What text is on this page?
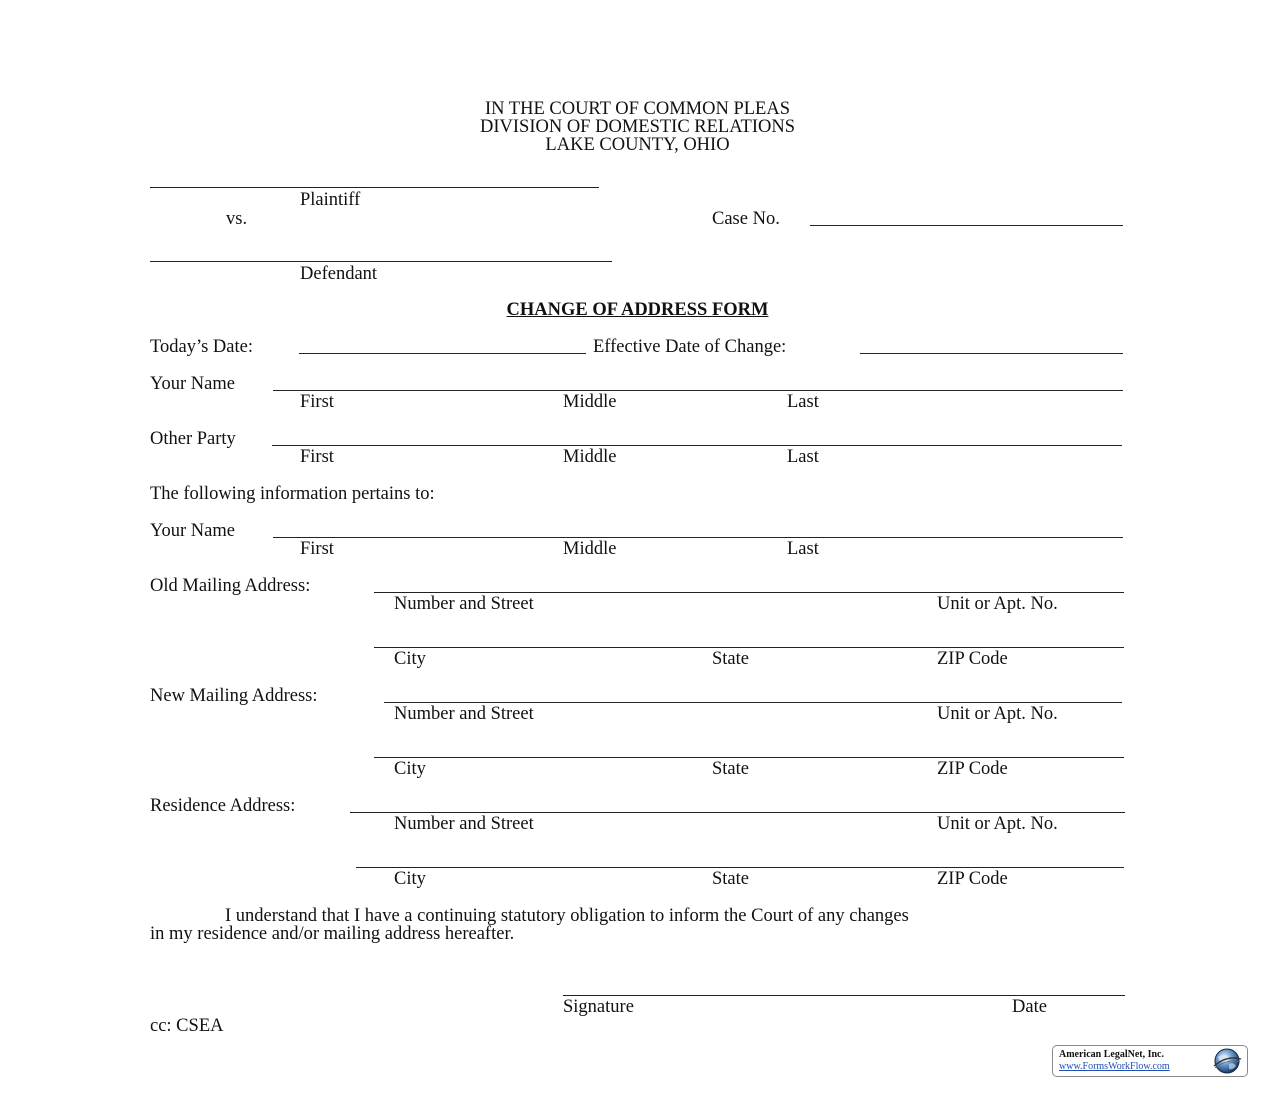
IN THE COURT OF COMMON PLEAS
DIVISION OF DOMESTIC RELATIONS
LAKE COUNTY, OHIO
Plaintiff
vs.	Case No.
Defendant
CHANGE OF ADDRESS FORM
Today’s Date:	Effective Date of Change:
Your Name
First	Middle	Last
Other Party
First	Middle	Last
The following information pertains to:
Your Name
First	Middle	Last
Old Mailing Address:
Number and Street	Unit or Apt. No.
City	State	ZIP Code
New Mailing Address:
Number and Street	Unit or Apt. No.
City	State	ZIP Code
Residence Address:
Number and Street	Unit or Apt. No.
City	State	ZIP Code
I understand that I have a continuing statutory obligation to inform the Court of any changes
in my residence and/or mailing address hereafter.
Signature	Date
cc: CSEA
American LegalNet, Inc.
www.FormsWorkFlow.com
